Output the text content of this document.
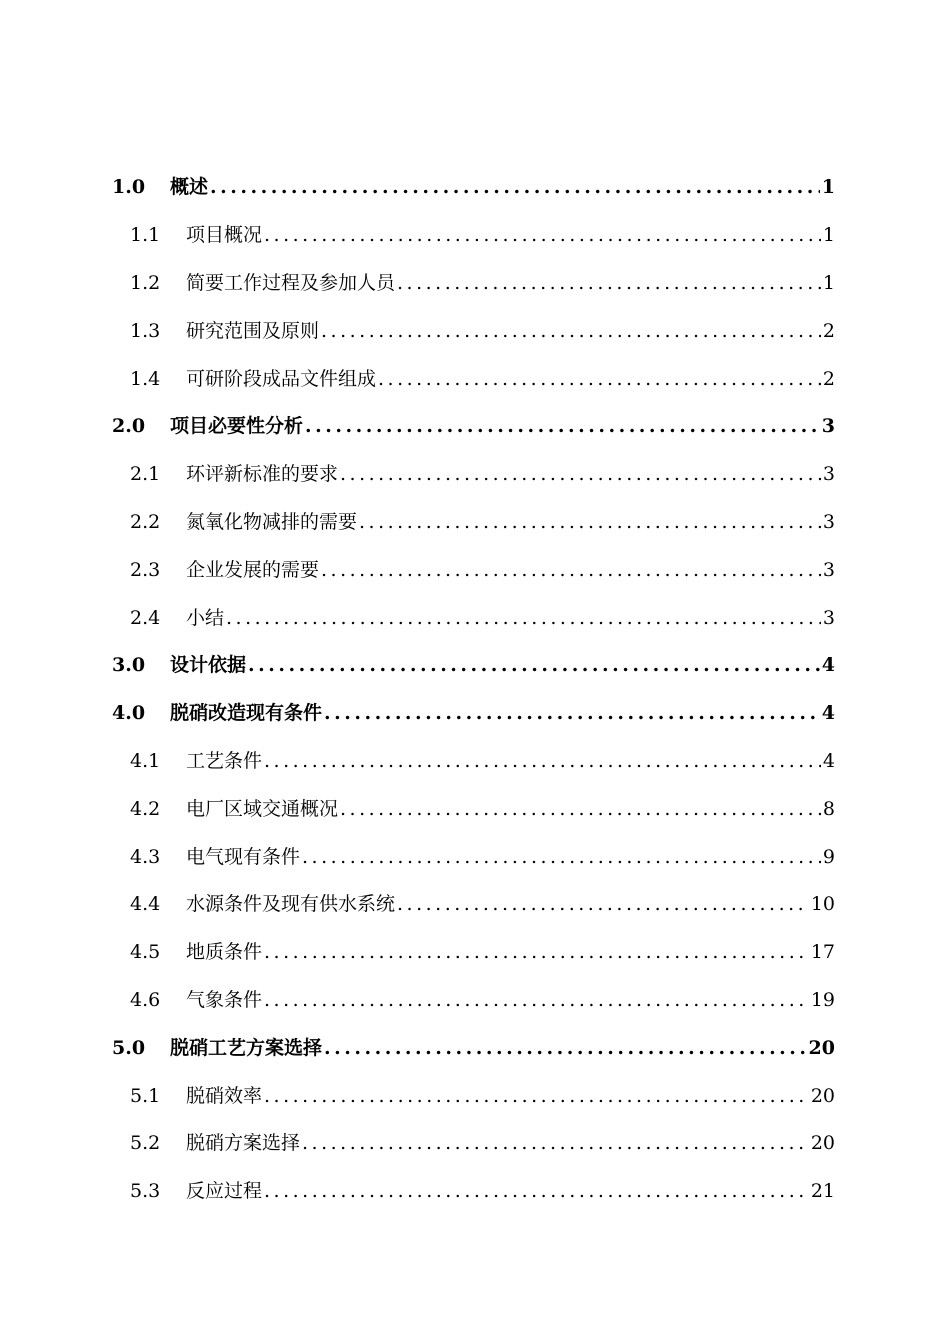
1.0	概述 .....	1
1.1	项目概况 .....	1
1.2	简要工作过程及参加人员 .....	1
1.3	研究范围及原则 .....	2
1.4	可研阶段成品文件组成 .....	2
2.0	项目必要性分析 .....	3
2.1	环评新标准的要求 .....	3
2.2	氮氧化物减排的需要 .....	3
2.3	企业发展的需要 .....	3
2.4	小结 .....	3
3.0	设计依据 .....	4
4.0	脱硝改造现有条件 .....	4
4.1	工艺条件 .....	4
4.2	电厂区域交通概况 .....	8
4.3	电气现有条件 .....	9
4.4	水源条件及现有供水系统 .....	10
4.5	地质条件 .....	17
4.6	气象条件 .....	19
5.0	脱硝工艺方案选择 .....	20
5.1	脱硝效率 .....	20
5.2	脱硝方案选择 .....	20
5.3	反应过程 .....	21
